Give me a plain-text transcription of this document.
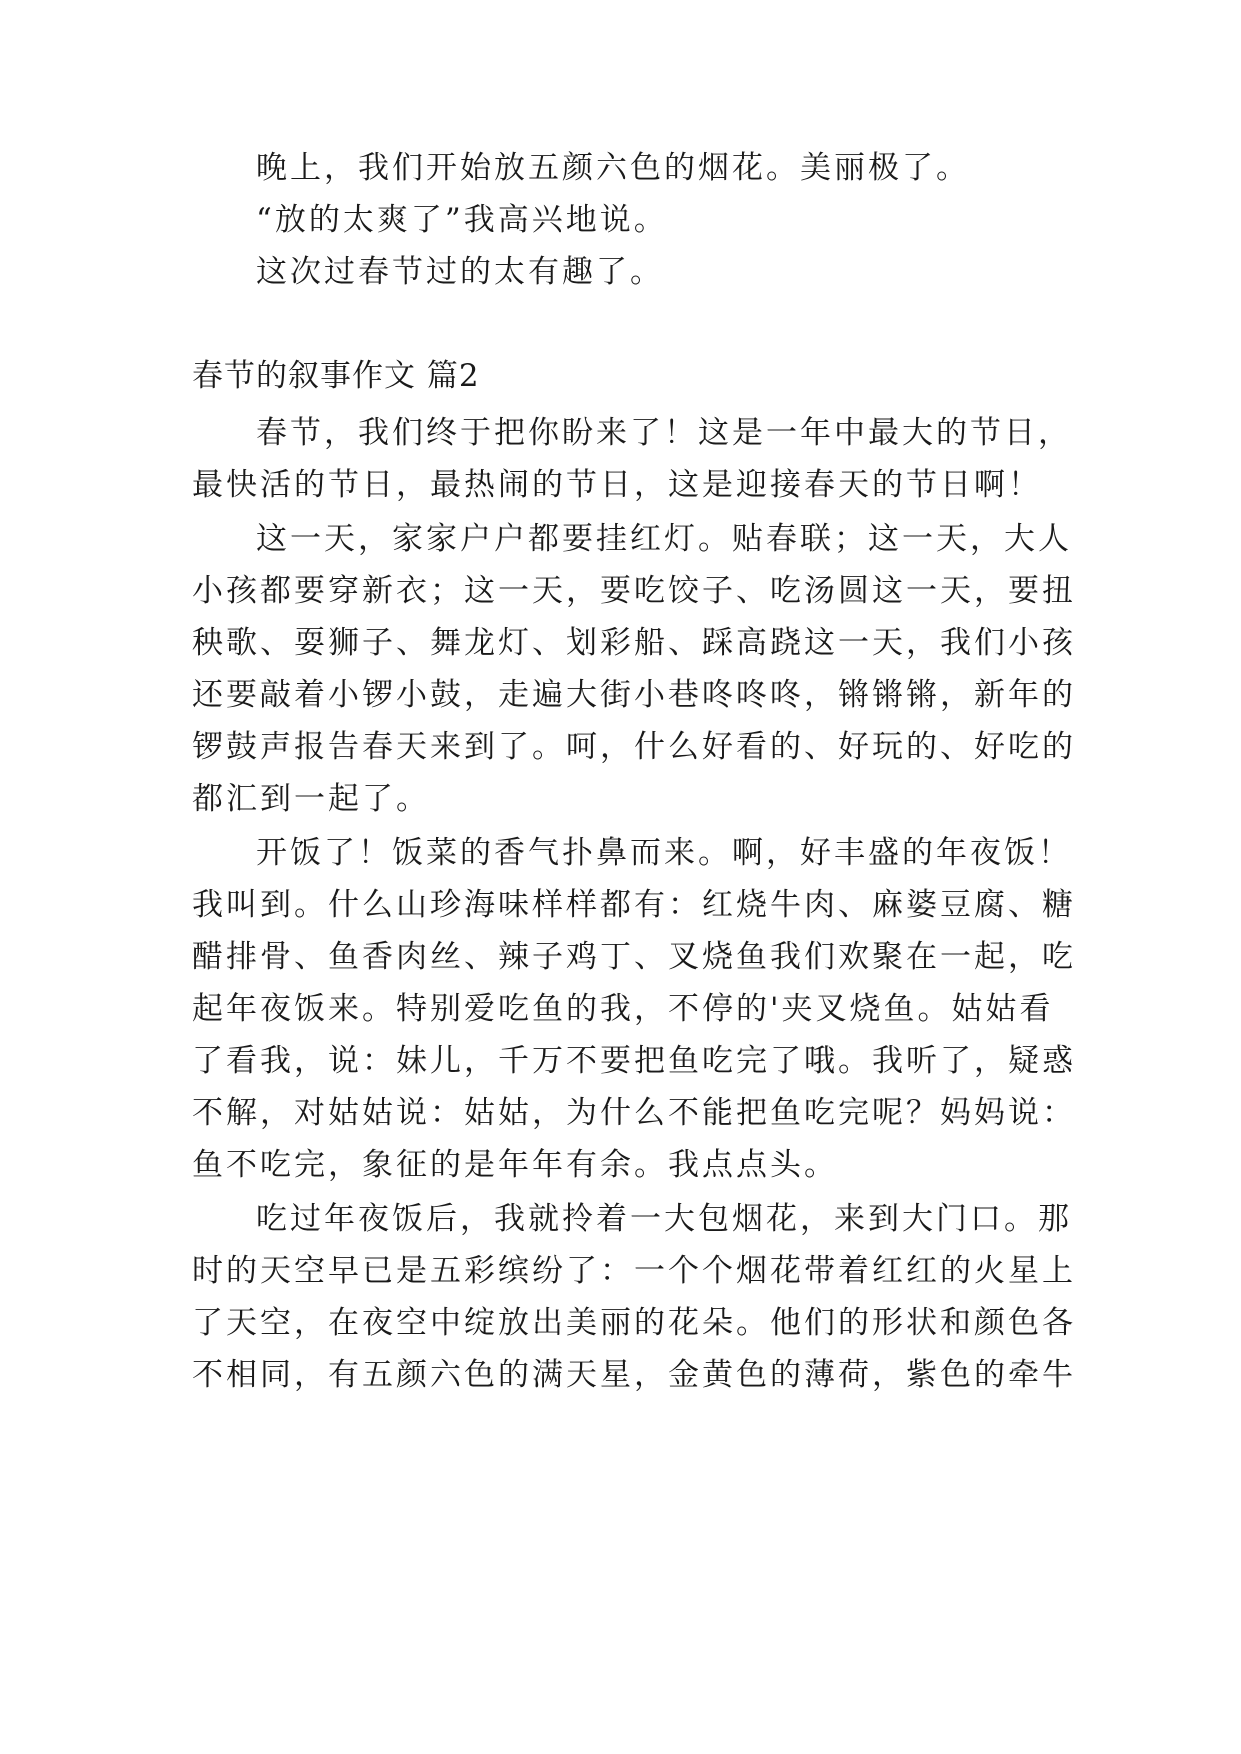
晚上，我们开始放五颜六色的烟花。美丽极了。
“放的太爽了”我高兴地说。
这次过春节过的太有趣了。
春节的叙事作文 篇2
春节，我们终于把你盼来了！这是一年中最大的节日，
最快活的节日，最热闹的节日，这是迎接春天的节日啊！
这一天，家家户户都要挂红灯。贴春联；这一天，大人
小孩都要穿新衣；这一天，要吃饺子、吃汤圆这一天，要扭
秧歌、耍狮子、舞龙灯、划彩船、踩高跷这一天，我们小孩
还要敲着小锣小鼓，走遍大街小巷咚咚咚，锵锵锵，新年的
锣鼓声报告春天来到了。呵，什么好看的、好玩的、好吃的
都汇到一起了。
开饭了！饭菜的香气扑鼻而来。啊，好丰盛的年夜饭！
我叫到。什么山珍海味样样都有：红烧牛肉、麻婆豆腐、糖
醋排骨、鱼香肉丝、辣子鸡丁、叉烧鱼我们欢聚在一起，吃
起年夜饭来。特别爱吃鱼的我，不停的'夹叉烧鱼。姑姑看
了看我，说：妹儿，千万不要把鱼吃完了哦。我听了，疑惑
不解，对姑姑说：姑姑，为什么不能把鱼吃完呢？妈妈说：
鱼不吃完，象征的是年年有余。我点点头。
吃过年夜饭后，我就拎着一大包烟花，来到大门口。那
时的天空早已是五彩缤纷了：一个个烟花带着红红的火星上
了天空，在夜空中绽放出美丽的花朵。他们的形状和颜色各
不相同，有五颜六色的满天星，金黄色的薄荷，紫色的牵牛
